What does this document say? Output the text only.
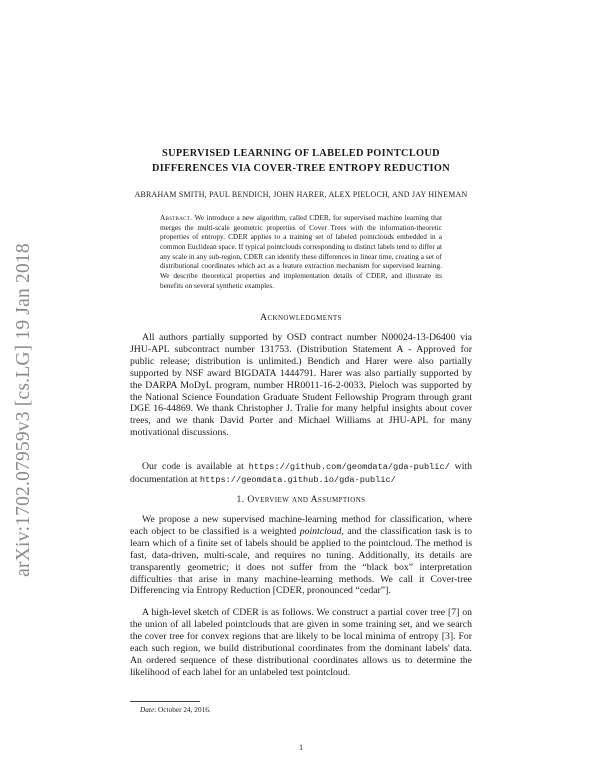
arXiv:1702.07959v3 [cs.LG] 19 Jan 2018
SUPERVISED LEARNING OF LABELED POINTCLOUD
DIFFERENCES VIA COVER-TREE ENTROPY REDUCTION
ABRAHAM SMITH, PAUL BENDICH, JOHN HARER, ALEX PIELOCH, AND JAY HINEMAN
Abstract. We introduce a new algorithm, called CDER, for supervised machine learning that merges the multi-scale geometric properties of Cover Trees with the information-theoretic properties of entropy. CDER applies to a training set of labeled pointclouds embedded in a common Euclidean space. If typical pointclouds corresponding to distinct labels tend to differ at any scale in any sub-region, CDER can identify these differences in linear time, creating a set of distributional coordinates which act as a feature extraction mechanism for supervised learning. We describe theoretical properties and implementation details of CDER, and illustrate its benefits on several synthetic examples.
Acknowledgments
All authors partially supported by OSD contract number N00024-13-D6400 via JHU-APL subcontract number 131753. (Distribution Statement A - Approved for public release; distribution is unlimited.) Bendich and Harer were also partially supported by NSF award BIGDATA 1444791. Harer was also partially supported by the DARPA MoDyL program, number HR0011-16-2-0033. Pieloch was supported by the National Science Foundation Graduate Student Fellowship Program through grant DGE 16-44869. We thank Christopher J. Tralie for many helpful insights about cover trees, and we thank David Porter and Michael Williams at JHU-APL for many motivational discussions.
Our code is available at https://github.com/geomdata/gda-public/ with documentation at https://geomdata.github.io/gda-public/
1. Overview and Assumptions
We propose a new supervised machine-learning method for classification, where each object to be classified is a weighted pointcloud, and the classification task is to learn which of a finite set of labels should be applied to the pointcloud. The method is fast, data-driven, multi-scale, and requires no tuning. Additionally, its details are transparently geometric; it does not suffer from the “black box” interpretation difficulties that arise in many machine-learning methods. We call it Cover-tree Differencing via Entropy Reduction [CDER, pronounced “cedar”].
A high-level sketch of CDER is as follows. We construct a partial cover tree [7] on the union of all labeled pointclouds that are given in some training set, and we search the cover tree for convex regions that are likely to be local minima of entropy [3]. For each such region, we build distributional coordinates from the dominant labels' data. An ordered sequence of these distributional coordinates allows us to determine the likelihood of each label for an unlabeled test pointcloud.
Date: October 24, 2016.
1
